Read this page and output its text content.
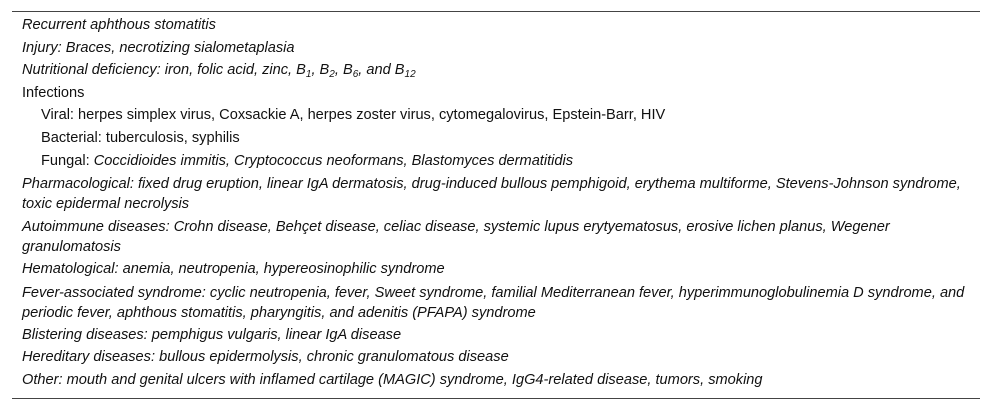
Recurrent aphthous stomatitis
Injury: Braces, necrotizing sialometaplasia
Nutritional deficiency: iron, folic acid, zinc, $B_1$, $B_2$, $B_6$, and $B_{12}$
Infections
Viral: herpes simplex virus, Coxsackie A, herpes zoster virus, cytomegalovirus, Epstein-Barr, HIV
Bacterial: tuberculosis, syphilis
Fungal: Coccidioides immitis, Cryptococcus neoformans, Blastomyces dermatitidis
Pharmacological: fixed drug eruption, linear IgA dermatosis, drug-induced bullous pemphigoid, erythema multiforme, Stevens-Johnson syndrome, toxic epidermal necrolysis
Autoimmune diseases: Crohn disease, Behçet disease, celiac disease, systemic lupus erytyematosus, erosive lichen planus, Wegener granulomatosis
Hematological: anemia, neutropenia, hypereosinophilic syndrome
Fever-associated syndrome: cyclic neutropenia, fever, Sweet syndrome, familial Mediterranean fever, hyperimmunoglobulinemia D syndrome, and periodic fever, aphthous stomatitis, pharyngitis, and adenitis (PFAPA) syndrome
Blistering diseases: pemphigus vulgaris, linear IgA disease
Hereditary diseases: bullous epidermolysis, chronic granulomatous disease
Other: mouth and genital ulcers with inflamed cartilage (MAGIC) syndrome, IgG4-related disease, tumors, smoking
